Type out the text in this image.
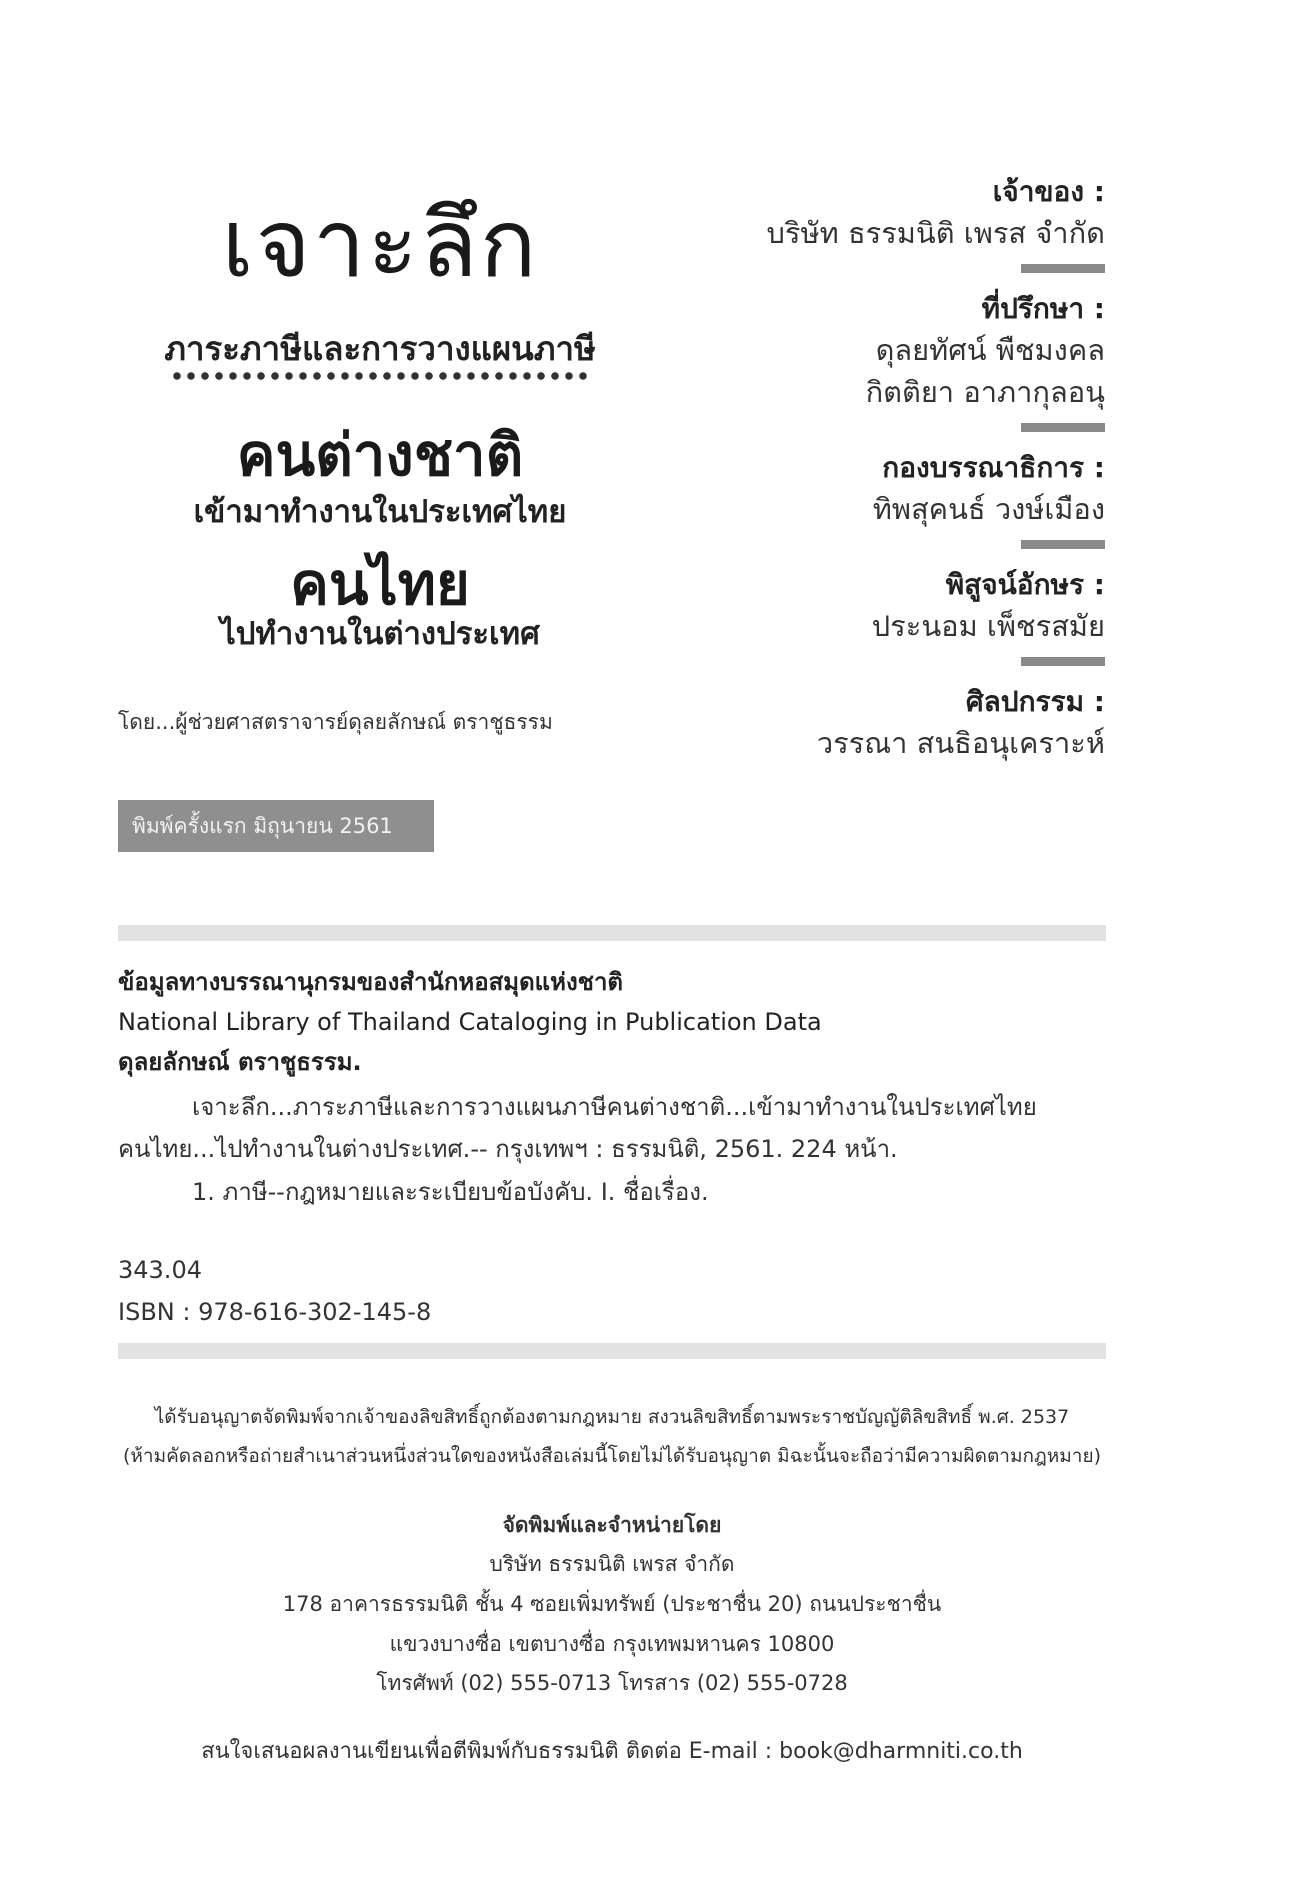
เจาะลึก
ภาระภาษีและการวางแผนภาษี
คนต่างชาติ
เข้ามาทำงานในประเทศไทย
คนไทย
ไปทำงานในต่างประเทศ
โดย...ผู้ช่วยศาสตราจารย์ดุลยลักษณ์ ตราชูธรรม
พิมพ์ครั้งแรก มิถุนายน 2561
เจ้าของ :
บริษัท ธรรมนิติ เพรส จำกัด
ที่ปรึกษา :
ดุลยทัศน์ พืชมงคล
กิตติยา อาภากุลอนุ
กองบรรณาธิการ :
ทิพสุคนธ์ วงษ์เมือง
พิสูจน์อักษร :
ประนอม เพ็ชรสมัย
ศิลปกรรม :
วรรณา สนธิอนุเคราะห์
ข้อมูลทางบรรณานุกรมของสำนักหอสมุดแห่งชาติ
National Library of Thailand Cataloging in Publication Data
ดุลยลักษณ์ ตราชูธรรม.
เจาะลึก...ภาระภาษีและการวางแผนภาษีคนต่างชาติ...เข้ามาทำงานในประเทศไทย คนไทย...ไปทำงานในต่างประเทศ.-- กรุงเทพฯ : ธรรมนิติ, 2561. 224 หน้า.
1. ภาษี--กฎหมายและระเบียบข้อบังคับ. I. ชื่อเรื่อง.
343.04
ISBN : 978-616-302-145-8
ได้รับอนุญาตจัดพิมพ์จากเจ้าของลิขสิทธิ์ถูกต้องตามกฎหมาย สงวนลิขสิทธิ์ตามพระราชบัญญัติลิขสิทธิ์ พ.ศ. 2537
(ห้ามคัดลอกหรือถ่ายสำเนาส่วนหนึ่งส่วนใดของหนังสือเล่มนี้โดยไม่ได้รับอนุญาต มิฉะนั้นจะถือว่ามีความผิดตามกฎหมาย)
จัดพิมพ์และจำหน่ายโดย
บริษัท ธรรมนิติ เพรส จำกัด
178 อาคารธรรมนิติ ชั้น 4 ซอยเพิ่มทรัพย์ (ประชาชื่น 20) ถนนประชาชื่น
แขวงบางซื่อ เขตบางซื่อ กรุงเทพมหานคร 10800
โทรศัพท์ (02) 555-0713 โทรสาร (02) 555-0728
สนใจเสนอผลงานเขียนเพื่อตีพิมพ์กับธรรมนิติ ติดต่อ E-mail : book@dharmniti.co.th
